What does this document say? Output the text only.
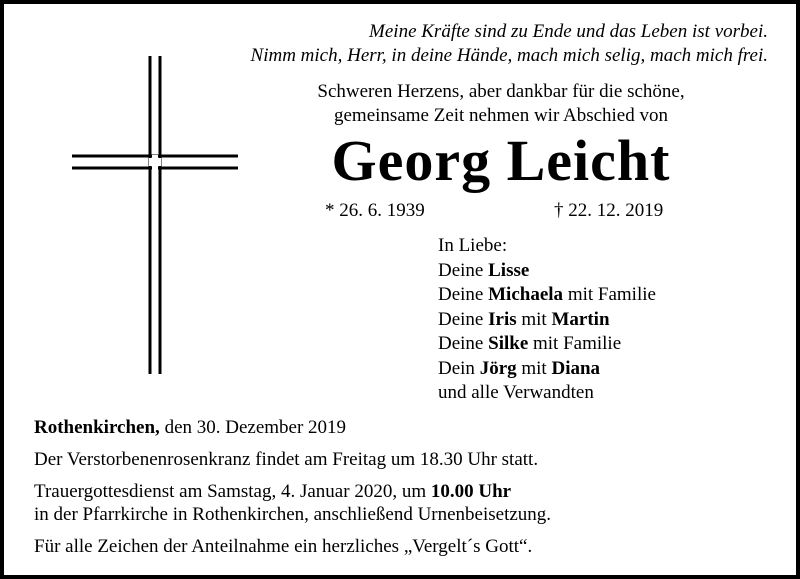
Meine Kräfte sind zu Ende und das Leben ist vorbei.
Nimm mich, Herr, in deine Hände, mach mich selig, mach mich frei.
Schweren Herzens, aber dankbar für die schöne,
gemeinsame Zeit nehmen wir Abschied von
Georg Leicht
* 26. 6. 1939	† 22. 12. 2019
In Liebe:
Deine Lisse
Deine Michaela mit Familie
Deine Iris mit Martin
Deine Silke mit Familie
Dein Jörg mit Diana
und alle Verwandten

Rothenkirchen, den 30. Dezember 2019

Der Verstorbenenrosenkranz findet am Freitag um 18.30 Uhr statt.

Trauergottesdienst am Samstag, 4. Januar 2020, um 10.00 Uhr
in der Pfarrkirche in Rothenkirchen, anschließend Urnenbeisetzung.

Für alle Zeichen der Anteilnahme ein herzliches „Vergelt´s Gott“.
